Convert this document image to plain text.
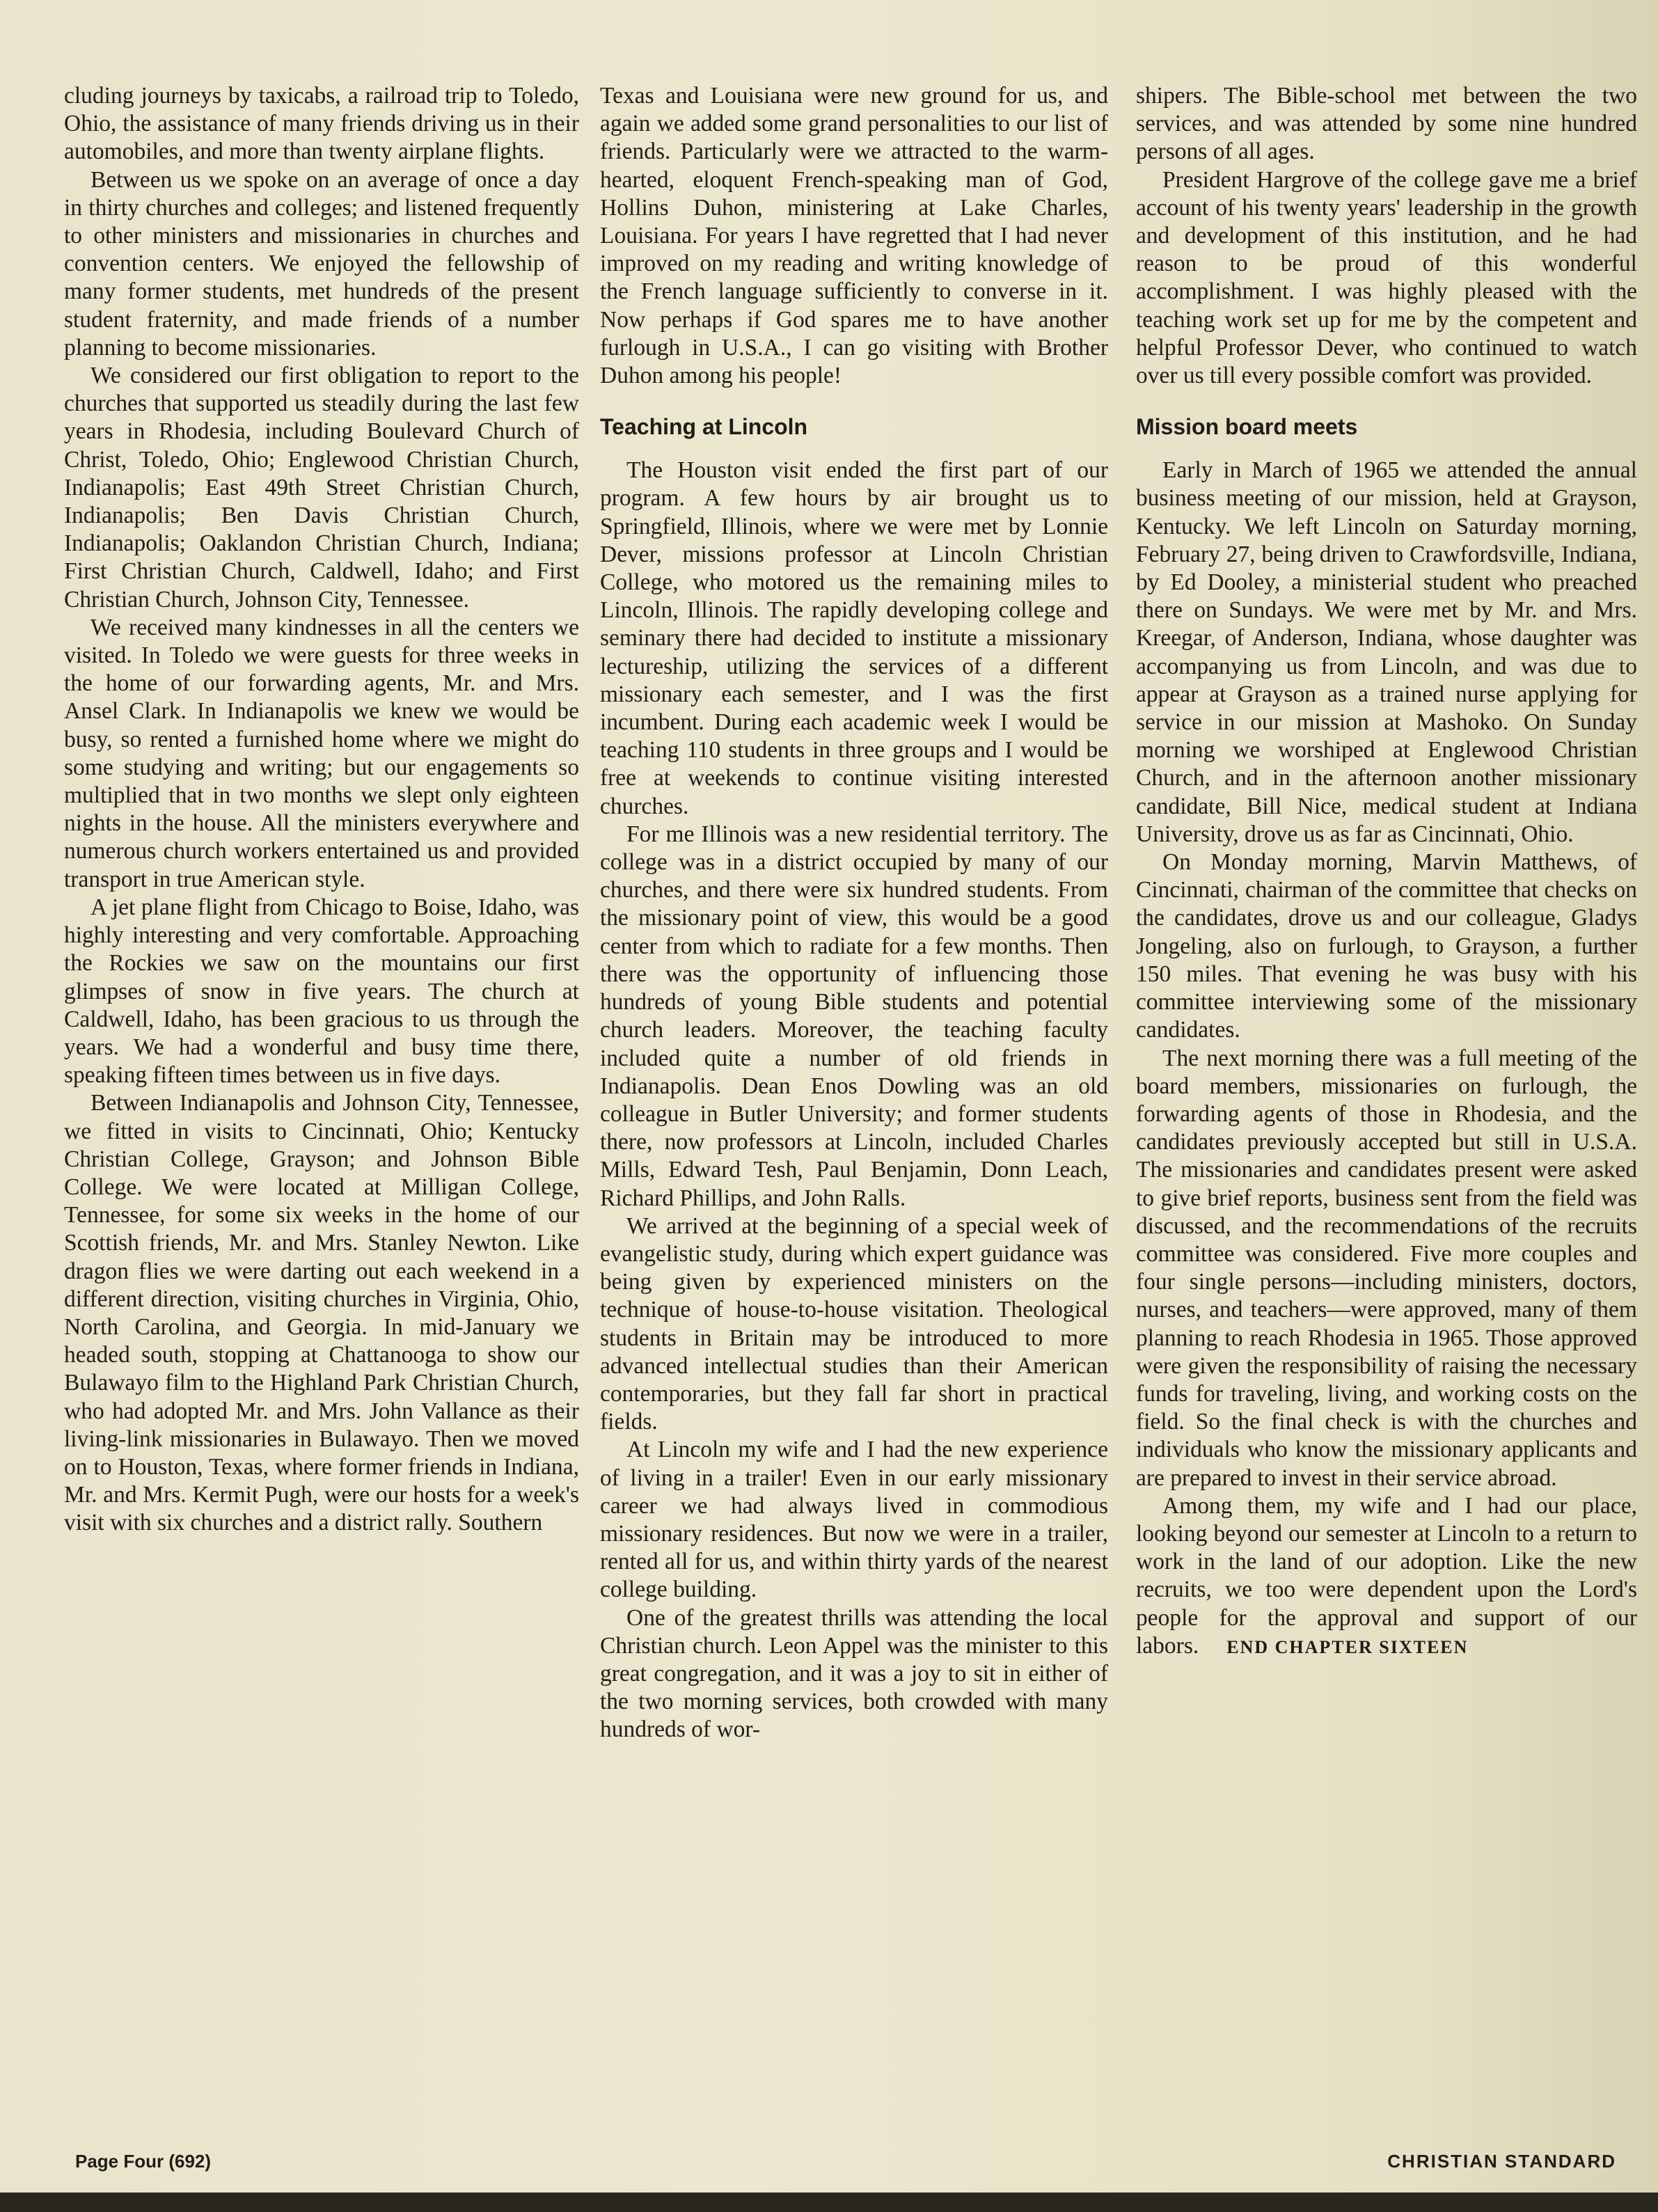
cluding journeys by taxicabs, a railroad trip to Toledo, Ohio, the assistance of many friends driving us in their automobiles, and more than twenty airplane flights.

Between us we spoke on an average of once a day in thirty churches and colleges; and listened frequently to other ministers and missionaries in churches and convention centers. We enjoyed the fellowship of many former students, met hundreds of the present student fraternity, and made friends of a number planning to become missionaries.

We considered our first obligation to report to the churches that supported us steadily during the last few years in Rhodesia, including Boulevard Church of Christ, Toledo, Ohio; Englewood Christian Church, Indianapolis; East 49th Street Christian Church, Indianapolis; Ben Davis Christian Church, Indianapolis; Oaklandon Christian Church, Indiana; First Christian Church, Caldwell, Idaho; and First Christian Church, Johnson City, Tennessee.

We received many kindnesses in all the centers we visited. In Toledo we were guests for three weeks in the home of our forwarding agents, Mr. and Mrs. Ansel Clark. In Indianapolis we knew we would be busy, so rented a furnished home where we might do some studying and writing; but our engagements so multiplied that in two months we slept only eighteen nights in the house. All the ministers everywhere and numerous church workers entertained us and provided transport in true American style.

A jet plane flight from Chicago to Boise, Idaho, was highly interesting and very comfortable. Approaching the Rockies we saw on the mountains our first glimpses of snow in five years. The church at Caldwell, Idaho, has been gracious to us through the years. We had a wonderful and busy time there, speaking fifteen times between us in five days.

Between Indianapolis and Johnson City, Tennessee, we fitted in visits to Cincinnati, Ohio; Kentucky Christian College, Grayson; and Johnson Bible College. We were located at Milligan College, Tennessee, for some six weeks in the home of our Scottish friends, Mr. and Mrs. Stanley Newton. Like dragon flies we were darting out each weekend in a different direction, visiting churches in Virginia, Ohio, North Carolina, and Georgia. In mid-January we headed south, stopping at Chattanooga to show our Bulawayo film to the Highland Park Christian Church, who had adopted Mr. and Mrs. John Vallance as their living-link missionaries in Bulawayo. Then we moved on to Houston, Texas, where former friends in Indiana, Mr. and Mrs. Kermit Pugh, were our hosts for a week's visit with six churches and a district rally. Southern

Texas and Louisiana were new ground for us, and again we added some grand personalities to our list of friends. Particularly were we attracted to the warm-hearted, eloquent French-speaking man of God, Hollins Duhon, ministering at Lake Charles, Louisiana. For years I have regretted that I had never improved on my reading and writing knowledge of the French language sufficiently to converse in it. Now perhaps if God spares me to have another furlough in U.S.A., I can go visiting with Brother Duhon among his people!

Teaching at Lincoln

The Houston visit ended the first part of our program. A few hours by air brought us to Springfield, Illinois, where we were met by Lonnie Dever, missions professor at Lincoln Christian College, who motored us the remaining miles to Lincoln, Illinois. The rapidly developing college and seminary there had decided to institute a missionary lectureship, utilizing the services of a different missionary each semester, and I was the first incumbent. During each academic week I would be teaching 110 students in three groups and I would be free at weekends to continue visiting interested churches.

For me Illinois was a new residential territory. The college was in a district occupied by many of our churches, and there were six hundred students. From the missionary point of view, this would be a good center from which to radiate for a few months. Then there was the opportunity of influencing those hundreds of young Bible students and potential church leaders. Moreover, the teaching faculty included quite a number of old friends in Indianapolis. Dean Enos Dowling was an old colleague in Butler University; and former students there, now professors at Lincoln, included Charles Mills, Edward Tesh, Paul Benjamin, Donn Leach, Richard Phillips, and John Ralls.

We arrived at the beginning of a special week of evangelistic study, during which expert guidance was being given by experienced ministers on the technique of house-to-house visitation. Theological students in Britain may be introduced to more advanced intellectual studies than their American contemporaries, but they fall far short in practical fields.

At Lincoln my wife and I had the new experience of living in a trailer! Even in our early missionary career we had always lived in commodious missionary residences. But now we were in a trailer, rented all for us, and within thirty yards of the nearest college building.

One of the greatest thrills was attending the local Christian church. Leon Appel was the minister to this great congregation, and it was a joy to sit in either of the two morning services, both crowded with many hundreds of wor-

shipers. The Bible-school met between the two services, and was attended by some nine hundred persons of all ages.

President Hargrove of the college gave me a brief account of his twenty years' leadership in the growth and development of this institution, and he had reason to be proud of this wonderful accomplishment. I was highly pleased with the teaching work set up for me by the competent and helpful Professor Dever, who continued to watch over us till every possible comfort was provided.

Mission board meets

Early in March of 1965 we attended the annual business meeting of our mission, held at Grayson, Kentucky. We left Lincoln on Saturday morning, February 27, being driven to Crawfordsville, Indiana, by Ed Dooley, a ministerial student who preached there on Sundays. We were met by Mr. and Mrs. Kreegar, of Anderson, Indiana, whose daughter was accompanying us from Lincoln, and was due to appear at Grayson as a trained nurse applying for service in our mission at Mashoko. On Sunday morning we worshiped at Englewood Christian Church, and in the afternoon another missionary candidate, Bill Nice, medical student at Indiana University, drove us as far as Cincinnati, Ohio.

On Monday morning, Marvin Matthews, of Cincinnati, chairman of the committee that checks on the candidates, drove us and our colleague, Gladys Jongeling, also on furlough, to Grayson, a further 150 miles. That evening he was busy with his committee interviewing some of the missionary candidates.

The next morning there was a full meeting of the board members, missionaries on furlough, the forwarding agents of those in Rhodesia, and the candidates previously accepted but still in U.S.A. The missionaries and candidates present were asked to give brief reports, business sent from the field was discussed, and the recommendations of the recruits committee was considered. Five more couples and four single persons—including ministers, doctors, nurses, and teachers—were approved, many of them planning to reach Rhodesia in 1965. Those approved were given the responsibility of raising the necessary funds for traveling, living, and working costs on the field. So the final check is with the churches and individuals who know the missionary applicants and are prepared to invest in their service abroad.

Among them, my wife and I had our place, looking beyond our semester at Lincoln to a return to work in the land of our adoption. Like the new recruits, we too were dependent upon the Lord's people for the approval and support of our labors. END CHAPTER SIXTEEN

Page Four (692)	CHRISTIAN STANDARD
